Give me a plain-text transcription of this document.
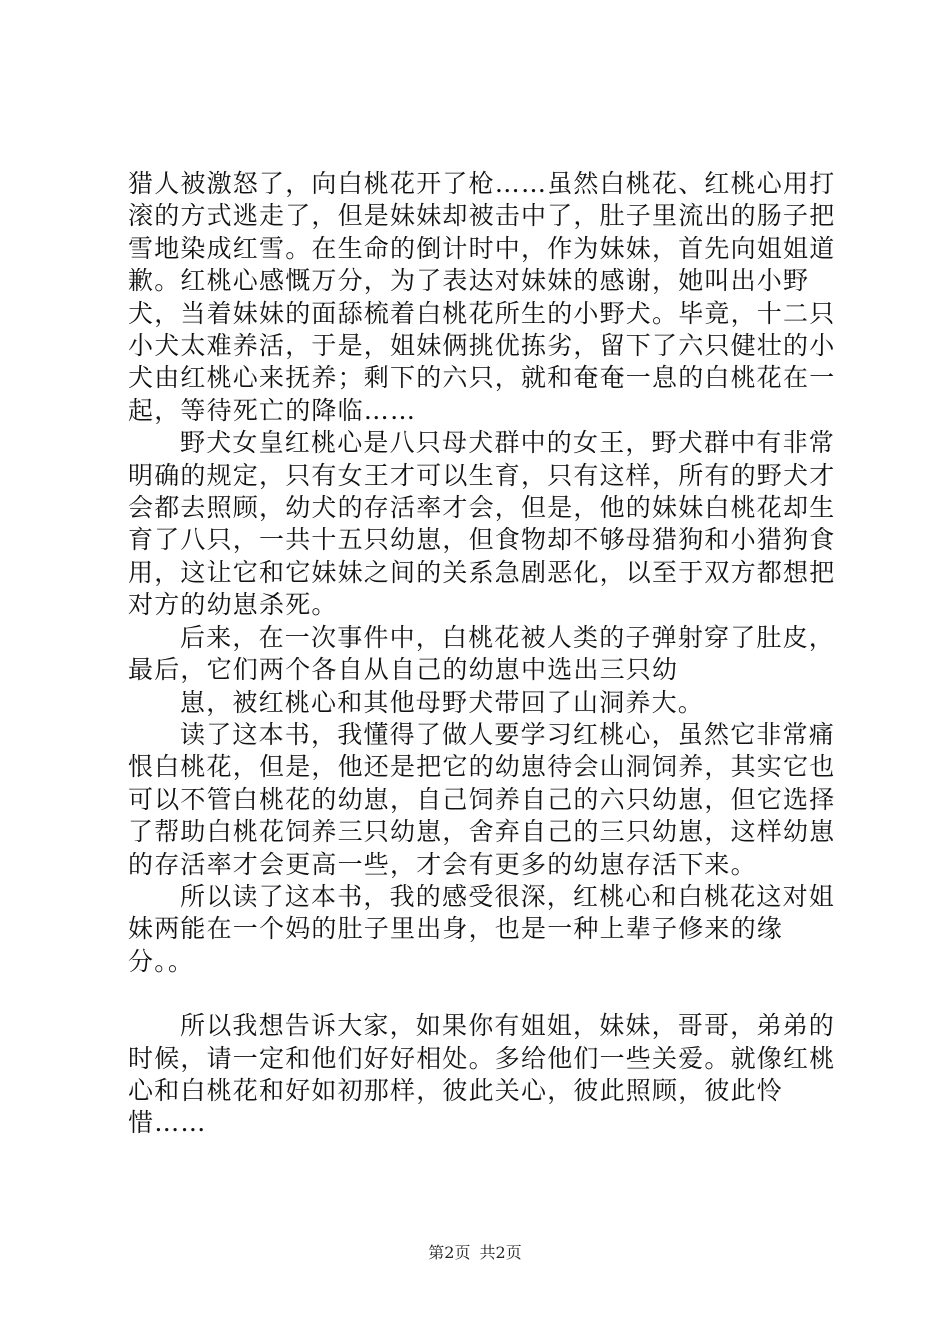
猎人被激怒了，向白桃花开了枪……虽然白桃花、红桃心用打滚的方式逃走了，但是妹妹却被击中了，肚子里流出的肠子把雪地染成红雪。在生命的倒计时中，作为妹妹，首先向姐姐道歉。红桃心感慨万分，为了表达对妹妹的感谢，她叫出小野犬，当着妹妹的面舔梳着白桃花所生的小野犬。毕竟，十二只小犬太难养活，于是，姐妹俩挑优拣劣，留下了六只健壮的小犬由红桃心来抚养；剩下的六只，就和奄奄一息的白桃花在一起，等待死亡的降临……

野犬女皇红桃心是八只母犬群中的女王，野犬群中有非常明确的规定，只有女王才可以生育，只有这样，所有的野犬才会都去照顾，幼犬的存活率才会，但是，他的妹妹白桃花却生育了八只，一共十五只幼崽，但食物却不够母猎狗和小猎狗食用，这让它和它妹妹之间的关系急剧恶化，以至于双方都想把对方的幼崽杀死。

后来，在一次事件中，白桃花被人类的子弹射穿了肚皮，最后，它们两个各自从自己的幼崽中选出三只幼

崽，被红桃心和其他母野犬带回了山洞养大。

读了这本书，我懂得了做人要学习红桃心，虽然它非常痛恨白桃花，但是，他还是把它的幼崽待会山洞饲养，其实它也可以不管白桃花的幼崽，自己饲养自己的六只幼崽，但它选择了帮助白桃花饲养三只幼崽，舍弃自己的三只幼崽，这样幼崽的存活率才会更高一些，才会有更多的幼崽存活下来。

所以读了这本书，我的感受很深，红桃心和白桃花这对姐妹两能在一个妈的肚子里出身，也是一种上辈子修来的缘分。。

所以我想告诉大家，如果你有姐姐，妹妹，哥哥，弟弟的时候，请一定和他们好好相处。多给他们一些关爱。就像红桃心和白桃花和好如初那样，彼此关心，彼此照顾，彼此怜惜……

第2页 共2页
